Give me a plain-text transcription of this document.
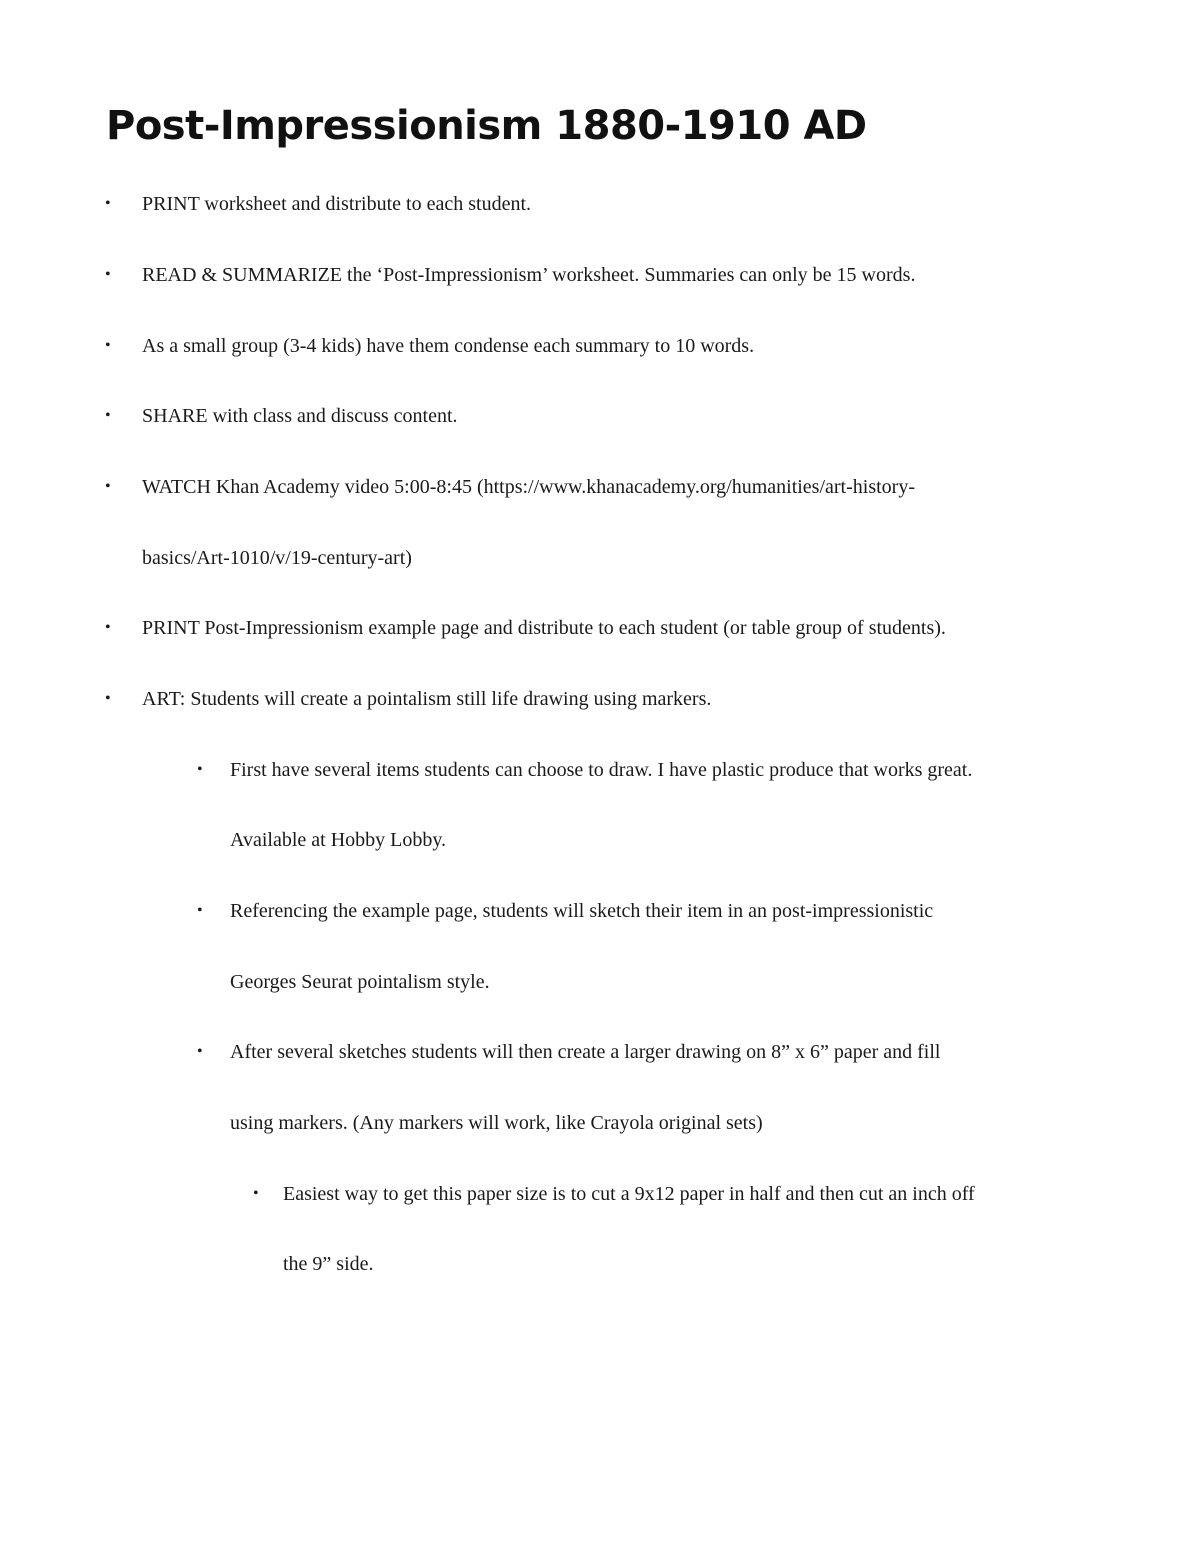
Post-Impressionism 1880-1910 AD
• PRINT worksheet and distribute to each student.
• READ & SUMMARIZE the ‘Post-Impressionism’ worksheet. Summaries can only be 15 words.
• As a small group (3-4 kids) have them condense each summary to 10 words.
• SHARE with class and discuss content.
• WATCH Khan Academy video 5:00-8:45 (https://www.khanacademy.org/humanities/art-history-
basics/Art-1010/v/19-century-art)
• PRINT Post-Impressionism example page and distribute to each student (or table group of students).
• ART: Students will create a pointalism still life drawing using markers.
• First have several items students can choose to draw. I have plastic produce that works great.
Available at Hobby Lobby.
• Referencing the example page, students will sketch their item in an post-impressionistic
Georges Seurat pointalism style.
• After several sketches students will then create a larger drawing on 8” x 6” paper and fill
using markers. (Any markers will work, like Crayola original sets)
• Easiest way to get this paper size is to cut a 9x12 paper in half and then cut an inch off
the 9” side.
